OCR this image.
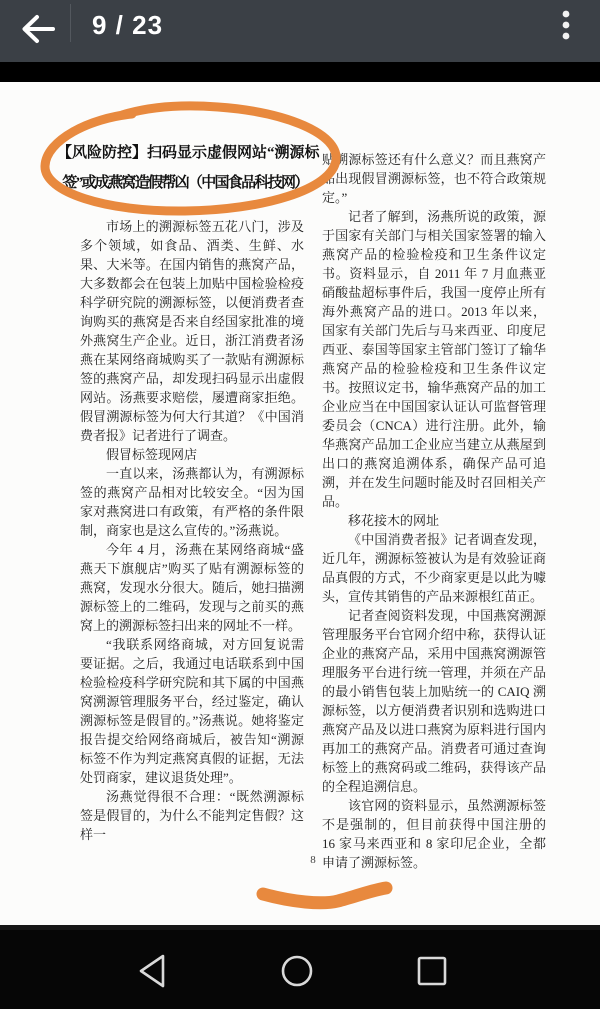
9 / 23
【风险防控】扫码显示虚假网站“溯源标
签”或成燕窝造假帮凶（中国食品科技网）

市场上的溯源标签五花八门，涉及多个领域，如食品、酒类、生鲜、水果、大米等。在国内销售的燕窝产品，大多数都会在包装上加贴中国检验检疫科学研究院的溯源标签，以便消费者查询购买的燕窝是否来自经国家批准的境外燕窝生产企业。近日，浙江消费者汤燕在某网络商城购买了一款贴有溯源标签的燕窝产品，却发现扫码显示出虚假网站。汤燕要求赔偿，屡遭商家拒绝。假冒溯源标签为何大行其道？《中国消费者报》记者进行了调查。

假冒标签现网店

一直以来，汤燕都认为，有溯源标签的燕窝产品相对比较安全。“因为国家对燕窝进口有政策，有严格的条件限制，商家也是这么宣传的。”汤燕说。

今年 4 月，汤燕在某网络商城“盛燕天下旗舰店”购买了贴有溯源标签的燕窝，发现水分很大。随后，她扫描溯源标签上的二维码，发现与之前买的燕窝上的溯源标签扫出来的网址不一样。

“我联系网络商城，对方回复说需要证据。之后，我通过电话联系到中国检验检疫科学研究院和其下属的中国燕窝溯源管理服务平台，经过鉴定，确认溯源标签是假冒的。”汤燕说。她将鉴定报告提交给网络商城后，被告知“溯源标签不作为判定燕窝真假的证据，无法处罚商家，建议退货处理”。

汤燕觉得很不合理：“既然溯源标签是假冒的，为什么不能判定售假？这样一

贴溯源标签还有什么意义？而且燕窝产品出现假冒溯源标签，也不符合政策规定。”

记者了解到，汤燕所说的政策，源于国家有关部门与相关国家签署的输入燕窝产品的检验检疫和卫生条件议定书。资料显示，自 2011 年 7 月血燕亚硝酸盐超标事件后，我国一度停止所有海外燕窝产品的进口。2013 年以来，国家有关部门先后与马来西亚、印度尼西亚、泰国等国家主管部门签订了输华燕窝产品的检验检疫和卫生条件议定书。按照议定书，输华燕窝产品的加工企业应当在中国国家认证认可监督管理委员会（CNCA）进行注册。此外，输华燕窝产品加工企业应当建立从燕屋到出口的燕窝追溯体系，确保产品可追溯，并在发生问题时能及时召回相关产品。

移花接木的网址

《中国消费者报》记者调查发现，近几年，溯源标签被认为是有效验证商品真假的方式，不少商家更是以此为噱头，宣传其销售的产品来源根红苗正。

记者查阅资料发现，中国燕窝溯源管理服务平台官网介绍中称，获得认证企业的燕窝产品，采用中国燕窝溯源管理服务平台进行统一管理，并须在产品的最小销售包装上加贴统一的 CAIQ 溯源标签，以方便消费者识别和选购进口燕窝产品及以进口燕窝为原料进行国内再加工的燕窝产品。消费者可通过查询标签上的燕窝码或二维码，获得该产品的全程追溯信息。

该官网的资料显示，虽然溯源标签不是强制的，但目前获得中国注册的 16 家马来西亚和 8 家印尼企业，全都申请了溯源标签。

8
